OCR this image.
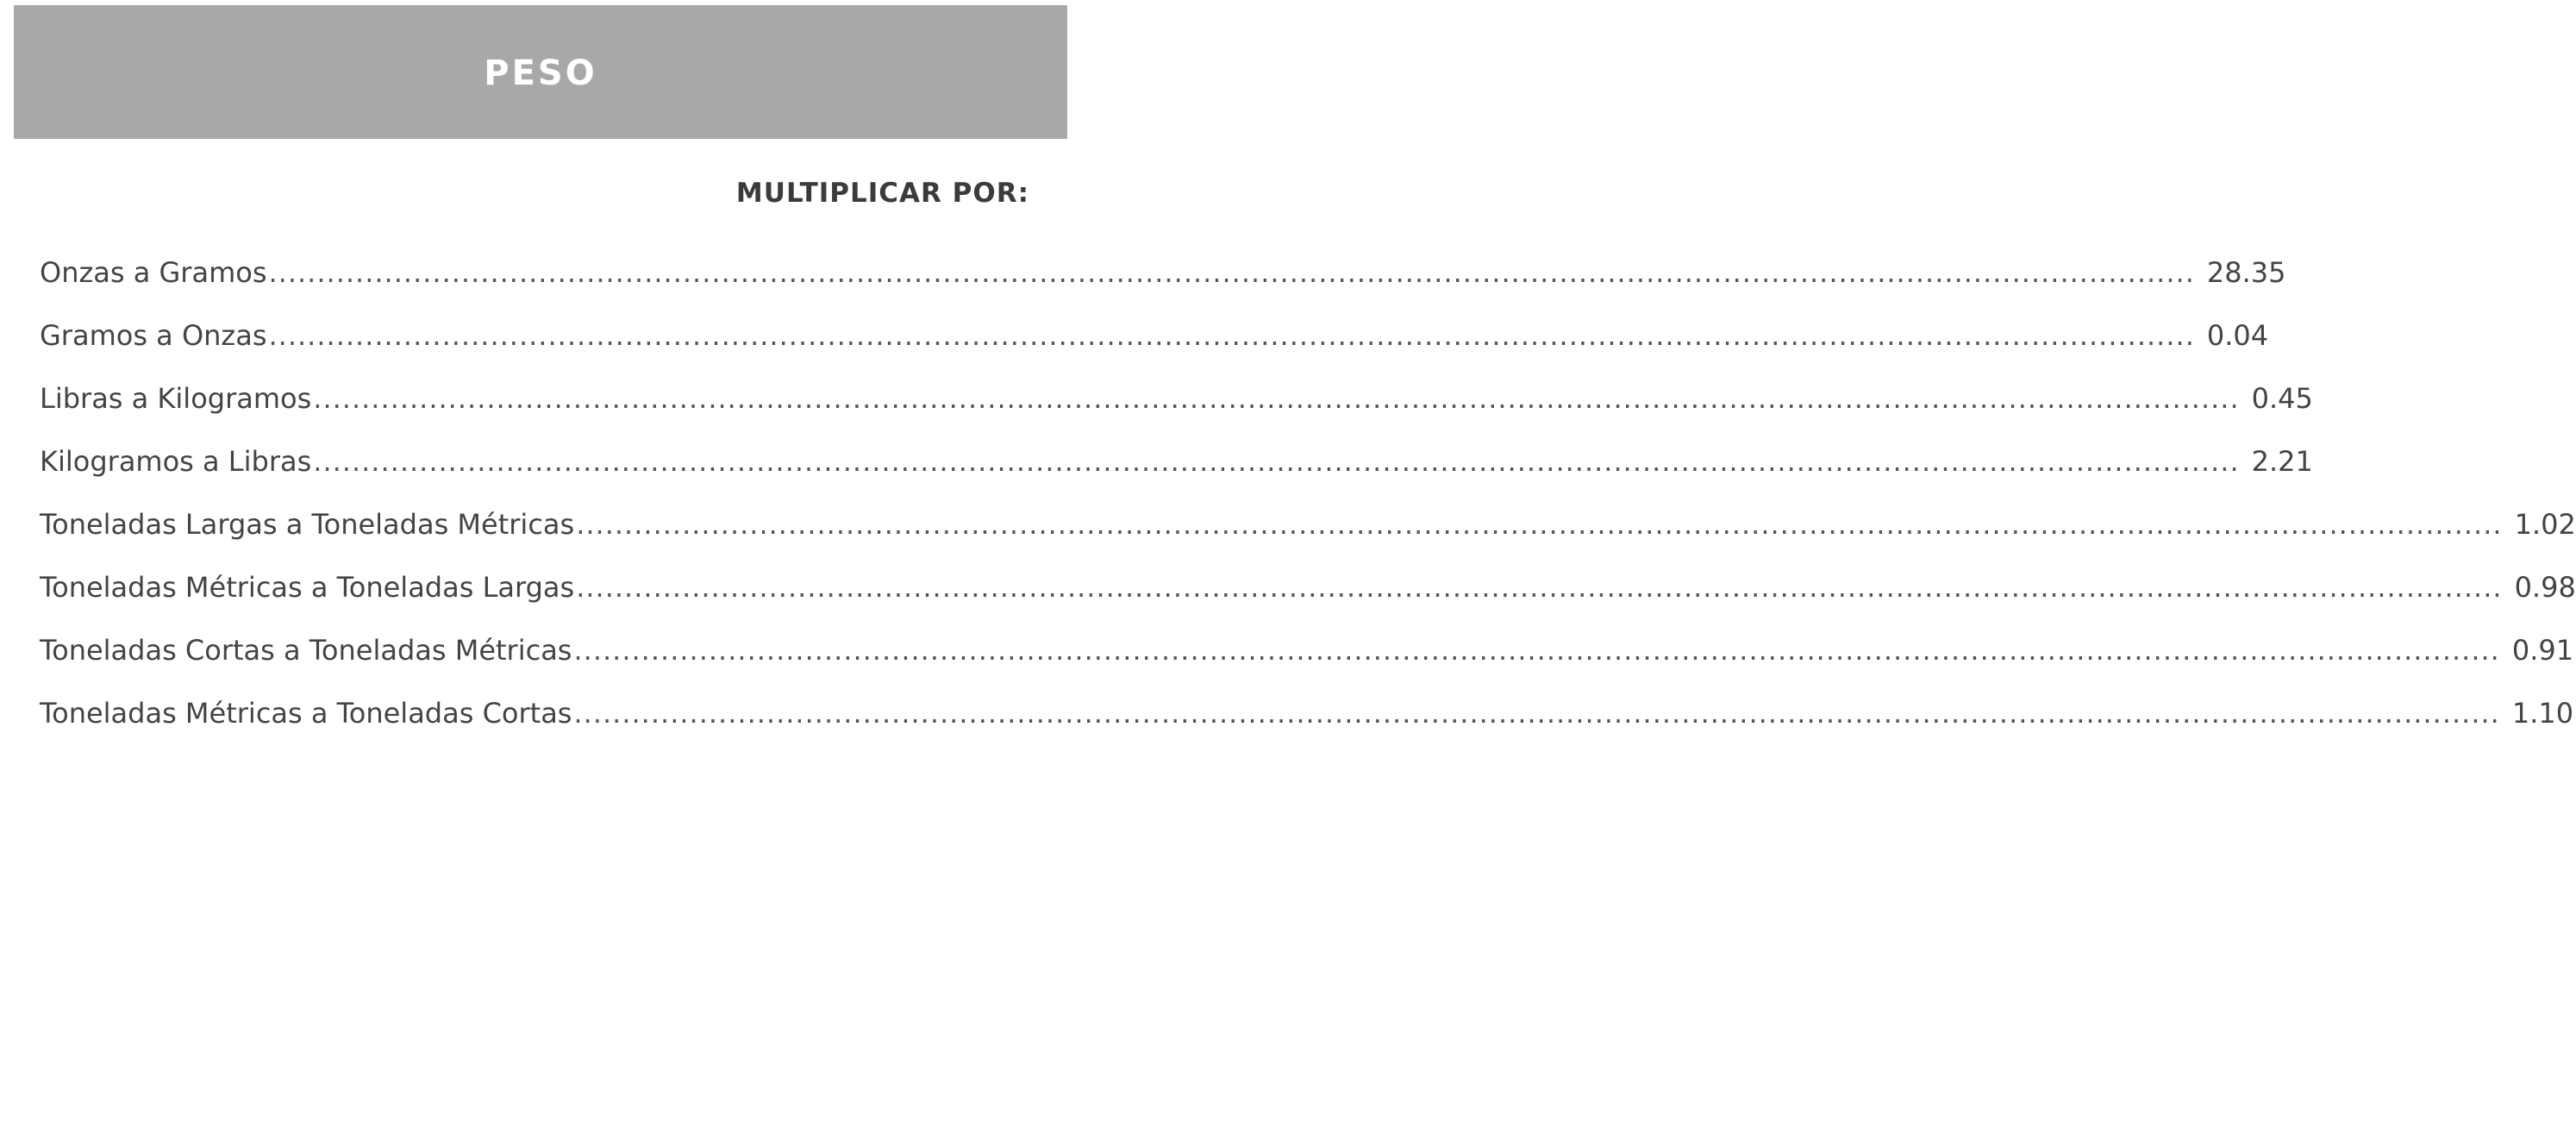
PESO
MULTIPLICAR POR:
Onzas a Gramos ........................................................................................................................................................................................................ 28.35
Gramos a Onzas ........................................................................................................................................................................................................ 0.04
Libras a Kilogramos ........................................................................................................................................................................................................ 0.45
Kilogramos a Libras ........................................................................................................................................................................................................ 2.21
Toneladas Largas a Toneladas Métricas ........................................................................................................................................................................................................ 1.02
Toneladas Métricas a Toneladas Largas ........................................................................................................................................................................................................ 0.98
Toneladas Cortas a Toneladas Métricas ........................................................................................................................................................................................................ 0.91
Toneladas Métricas a Toneladas Cortas ........................................................................................................................................................................................................ 1.10
